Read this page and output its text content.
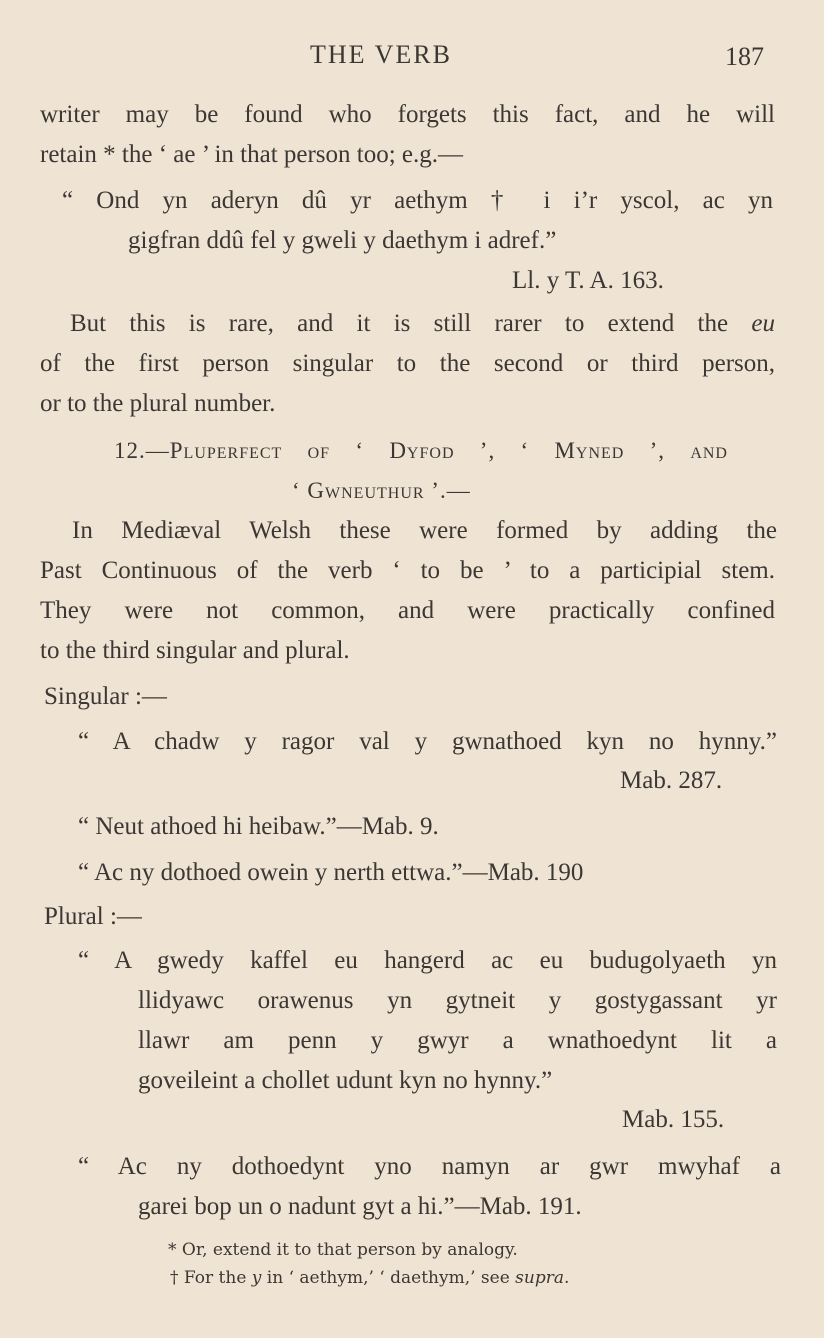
THE VERB	187
writer may be found who forgets this fact, and he will
retain * the ‘ ae ’ in that person too; e.g.—
“ Ond yn aderyn dû yr aethym † i i’r yscol, ac yn
gigfran ddû fel y gweli y daethym i adref.”
Ll. y T. A. 163.
But this is rare, and it is still rarer to extend the eu
of the first person singular to the second or third person,
or to the plural number.
12.—Pluperfect of ‘ Dyfod ’, ‘ Myned ’, and
‘ Gwneuthur ’.—
In Mediæval Welsh these were formed by adding the
Past Continuous of the verb ‘ to be ’ to a participial stem.
They were not common, and were practically confined
to the third singular and plural.
Singular :—
“ A chadw y ragor val y gwnathoed kyn no hynny.”
Mab. 287.
“ Neut athoed hi heibaw.”—Mab. 9.
“ Ac ny dothoed owein y nerth ettwa.”—Mab. 190
Plural :—
“ A gwedy kaffel eu hangerd ac eu budugolyaeth yn
llidyawc orawenus yn gytneit y gostygassant yr
llawr am penn y gwyr a wnathoedynt lit a
goveileint a chollet udunt kyn no hynny.”
Mab. 155.
“ Ac ny dothoedynt yno namyn ar gwr mwyhaf a
garei bop un o nadunt gyt a hi.”—Mab. 191.
* Or, extend it to that person by analogy.
† For the y in ‘ aethym,’ ‘ daethym,’ see supra.
